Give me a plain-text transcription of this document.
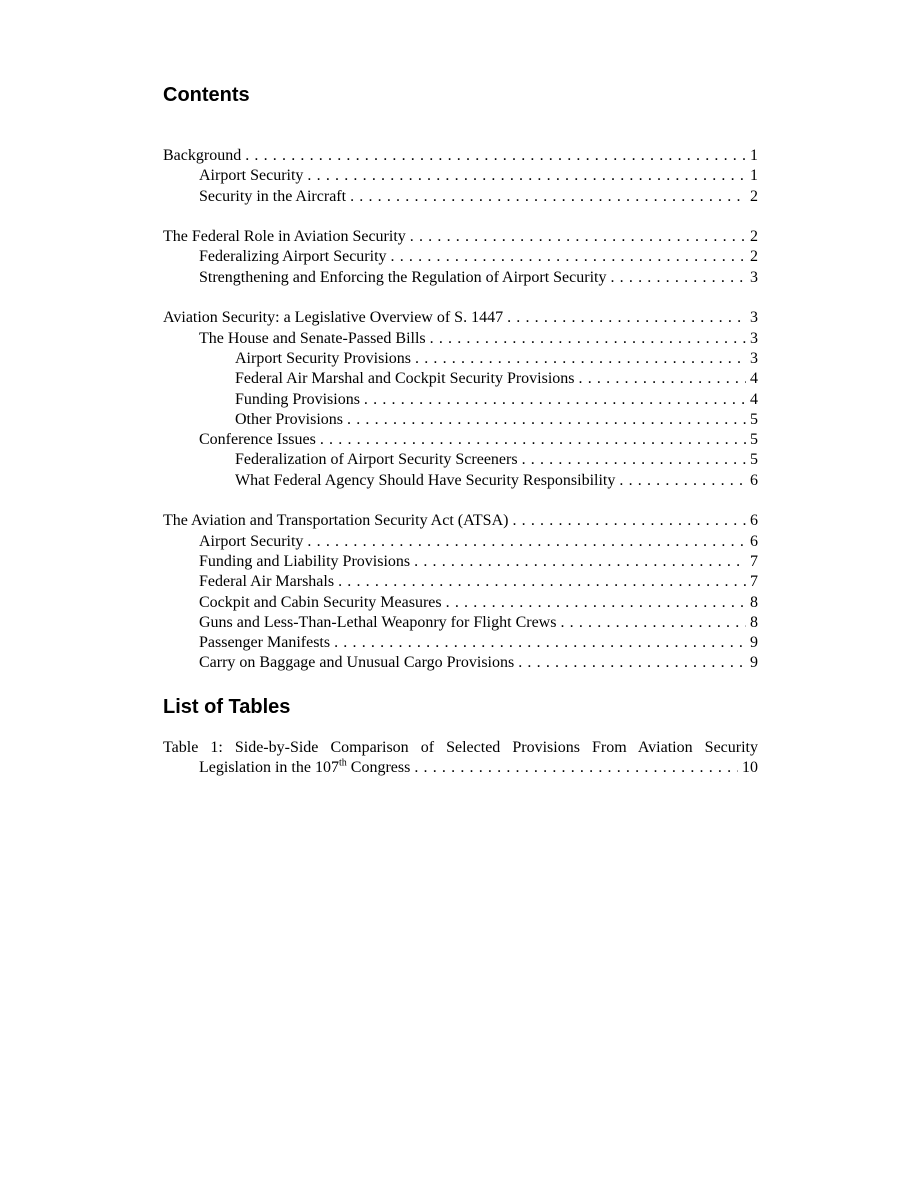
Contents
Background . . .	1
Airport Security . . .	1
Security in the Aircraft . . .	2
The Federal Role in Aviation Security . . .	2
Federalizing Airport Security . . .	2
Strengthening and Enforcing the Regulation of Airport Security . . .	3
Aviation Security: a Legislative Overview of S. 1447 . . .	3
The House and Senate-Passed Bills . . .	3
Airport Security Provisions . . .	3
Federal Air Marshal and Cockpit Security Provisions . . .	4
Funding Provisions . . .	4
Other Provisions . . .	5
Conference Issues . . .	5
Federalization of Airport Security Screeners . . .	5
What Federal Agency Should Have Security Responsibility . . .	6
The Aviation and Transportation Security Act (ATSA) . . .	6
Airport Security . . .	6
Funding and Liability Provisions . . .	7
Federal Air Marshals . . .	7
Cockpit and Cabin Security Measures . . .	8
Guns and Less-Than-Lethal Weaponry for Flight Crews . . .	8
Passenger Manifests . . .	9
Carry on Baggage and Unusual Cargo Provisions . . .	9
List of Tables
Table 1: Side-by-Side Comparison of Selected Provisions From Aviation Security
Legislation in the 107th Congress . . .	10
